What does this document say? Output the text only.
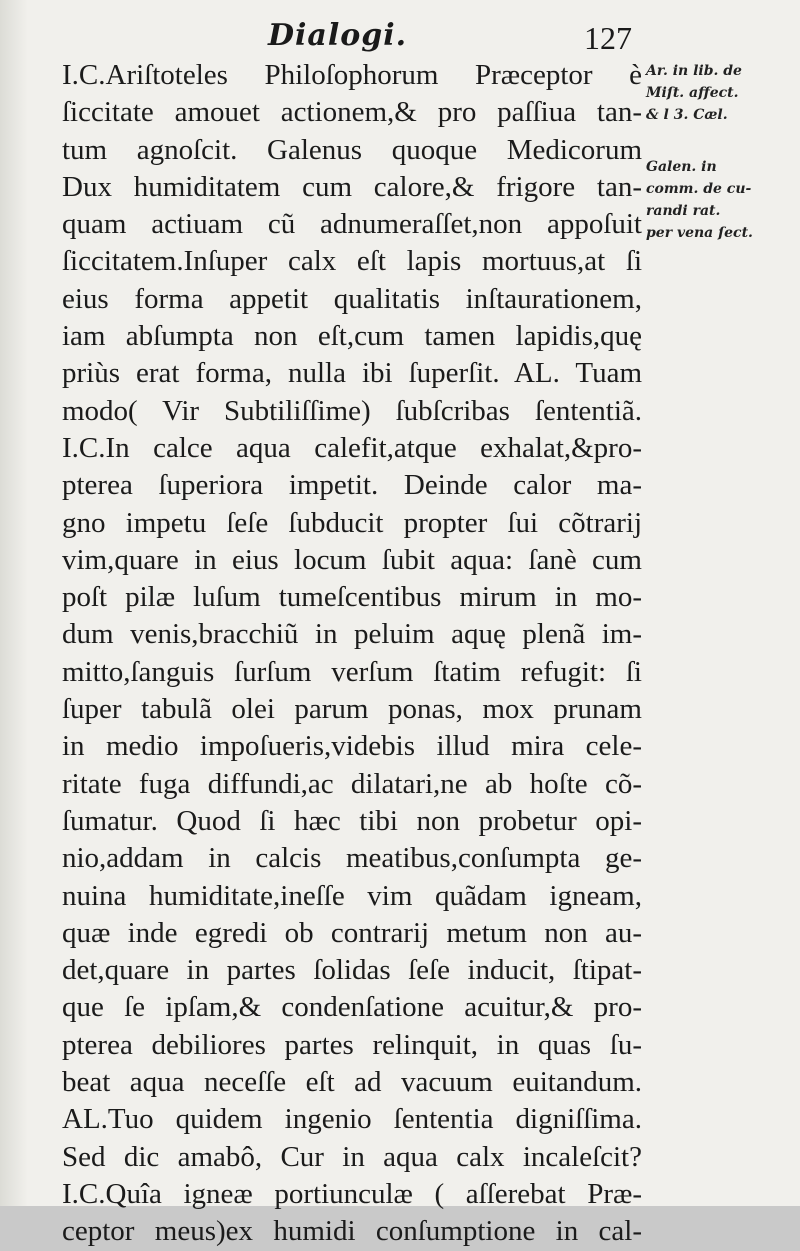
Dialogi.	127
I.C.Ariſtoteles Philoſophorum Præceptor è
ſiccitate amouet actionem,& pro paſſiua tan-
tum agnoſcit. Galenus quoque Medicorum
Dux humiditatem cum calore,& frigore tan-
quam actiuam cũ adnumeraſſet,non appoſuit
ſiccitatem.Inſuper calx eſt lapis mortuus,at ſi
eius forma appetit qualitatis inſtaurationem,
iam abſumpta non eſt,cum tamen lapidis,quę
priùs erat forma, nulla ibi ſuperſit. AL. Tuam
modo( Vir Subtiliſſime) ſubſcribas ſententiã.
I.C.In calce aqua calefit,atque exhalat,&pro-
pterea ſuperiora impetit. Deinde calor ma-
gno impetu ſeſe ſubducit propter ſui cõtrarij
vim,quare in eius locum ſubit aqua: ſanè cum
poſt pilæ luſum tumeſcentibus mirum in mo-
dum venis,bracchiũ in peluim aquę plenã im-
mitto,ſanguis ſurſum verſum ſtatim refugit: ſi
ſuper tabulã olei parum ponas, mox prunam
in medio impoſueris,videbis illud mira cele-
ritate fuga diffundi,ac dilatari,ne ab hoſte cõ-
ſumatur. Quod ſi hæc tibi non probetur opi-
nio,addam in calcis meatibus,conſumpta ge-
nuina humiditate,ineſſe vim quãdam igneam,
quæ inde egredi ob contrarij metum non au-
det,quare in partes ſolidas ſeſe inducit, ſtipat-
que ſe ipſam,& condenſatione acuitur,& pro-
pterea debiliores partes relinquit, in quas ſu-
beat aqua neceſſe eſt ad vacuum euitandum.
AL.Tuo quidem ingenio ſententia digniſſima.
Sed dic amabô, Cur in aqua calx incaleſcit?
I.C.Quîa igneæ portiunculæ ( aſſerebat Præ-
ceptor meus)ex humidi conſumptione in cal-
Ar. in lib. de
Miſt. affect.
& l 3. Cæl.
Galen. in
comm. de cu-
randi rat.
per vena ſect.
